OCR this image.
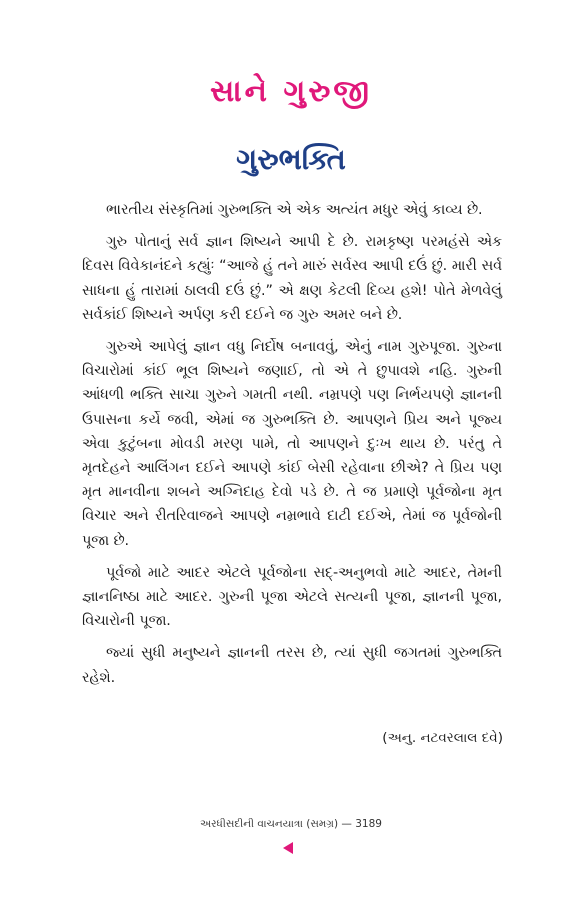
સાને ગુરુજી
ગુરુભક્તિ

ભારતીય સંસ્કૃતિમાં ગુરુભક્તિ એ એક અત્યંત મધુર એવું કાવ્ય છે.

ગુરુ પોતાનું સર્વ જ્ઞાન શિષ્યને આપી દે છે. રામકૃષ્ણ પરમહંસે એક દિવસ વિવેકાનંદને કહ્યુંઃ “આજે હું તને મારું સર્વસ્વ આપી દઉં છું. મારી સર્વ સાધના હું તારામાં ઠાલવી દઉં છું.” એ ક્ષણ કેટલી દિવ્ય હશે! પોતે મેળવેલું સર્વકાંઈ શિષ્યને અર્પણ કરી દઈને જ ગુરુ અમર બને છે.

ગુરુએ આપેલું જ્ઞાન વધુ નિર્દોષ બનાવવું, એનું નામ ગુરુપૂજા. ગુરુના વિચારોમાં કાંઈ ભૂલ શિષ્યને જણાઈ, તો એ તે છુપાવશે નહિ. ગુરુની આંધળી ભક્તિ સાચા ગુરુને ગમતી નથી. નમ્રપણે પણ નિર્ભયપણે જ્ઞાનની ઉપાસના કર્યે જવી, એમાં જ ગુરુભક્તિ છે. આપણને પ્રિય અને પૂજ્ય એવા કુટુંબના મોવડી મરણ પામે, તો આપણને દુઃખ થાય છે. પરંતુ તે મૃતદેહને આલિંગન દઈને આપણે કાંઈ બેસી રહેવાના છીએ? તે પ્રિય પણ મૃત માનવીના શબને અગ્નિદાહ દેવો પડે છે. તે જ પ્રમાણે પૂર્વજોના મૃત વિચાર અને રીતરિવાજને આપણે નમ્રભાવે દાટી દઈએ, તેમાં જ પૂર્વજોની પૂજા છે.

પૂર્વજો માટે આદર એટલે પૂર્વજોના સદ્-અનુભવો માટે આદર, તેમની જ્ઞાનનિષ્ઠા માટે આદર. ગુરુની પૂજા એટલે સત્યની પૂજા, જ્ઞાનની પૂજા, વિચારોની પૂજા.

જ્યાં સુધી મનુષ્યને જ્ઞાનની તરસ છે, ત્યાં સુધી જગતમાં ગુરુભક્તિ રહેશે.

(અનુ. નટવરલાલ દવે)
અરધીસદીની વાચનયાત્રા (સમગ્ર) — 3189
